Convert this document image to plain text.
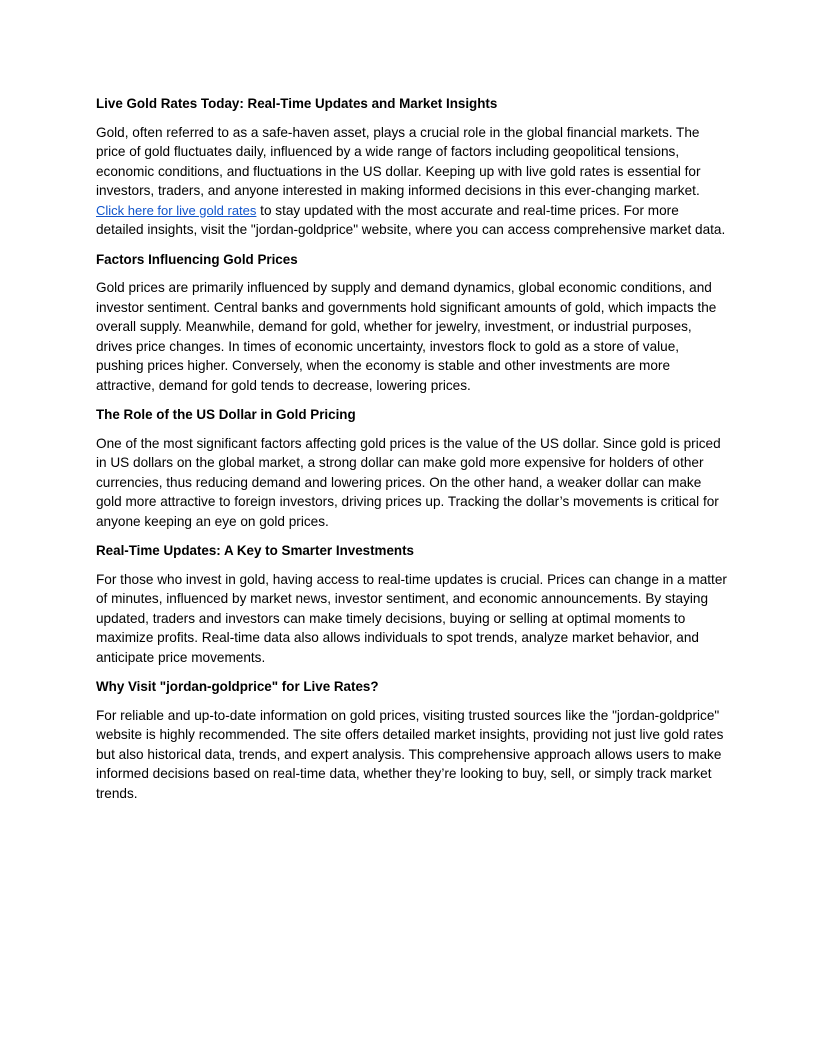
Live Gold Rates Today: Real-Time Updates and Market Insights
Gold, often referred to as a safe-haven asset, plays a crucial role in the global financial markets. The price of gold fluctuates daily, influenced by a wide range of factors including geopolitical tensions, economic conditions, and fluctuations in the US dollar. Keeping up with live gold rates is essential for investors, traders, and anyone interested in making informed decisions in this ever-changing market. Click here for live gold rates to stay updated with the most accurate and real-time prices. For more detailed insights, visit the "jordan-goldprice" website, where you can access comprehensive market data.
Factors Influencing Gold Prices
Gold prices are primarily influenced by supply and demand dynamics, global economic conditions, and investor sentiment. Central banks and governments hold significant amounts of gold, which impacts the overall supply. Meanwhile, demand for gold, whether for jewelry, investment, or industrial purposes, drives price changes. In times of economic uncertainty, investors flock to gold as a store of value, pushing prices higher. Conversely, when the economy is stable and other investments are more attractive, demand for gold tends to decrease, lowering prices.
The Role of the US Dollar in Gold Pricing
One of the most significant factors affecting gold prices is the value of the US dollar. Since gold is priced in US dollars on the global market, a strong dollar can make gold more expensive for holders of other currencies, thus reducing demand and lowering prices. On the other hand, a weaker dollar can make gold more attractive to foreign investors, driving prices up. Tracking the dollar’s movements is critical for anyone keeping an eye on gold prices.
Real-Time Updates: A Key to Smarter Investments
For those who invest in gold, having access to real-time updates is crucial. Prices can change in a matter of minutes, influenced by market news, investor sentiment, and economic announcements. By staying updated, traders and investors can make timely decisions, buying or selling at optimal moments to maximize profits. Real-time data also allows individuals to spot trends, analyze market behavior, and anticipate price movements.
Why Visit "jordan-goldprice" for Live Rates?
For reliable and up-to-date information on gold prices, visiting trusted sources like the "jordan-goldprice" website is highly recommended. The site offers detailed market insights, providing not just live gold rates but also historical data, trends, and expert analysis. This comprehensive approach allows users to make informed decisions based on real-time data, whether they’re looking to buy, sell, or simply track market trends.
